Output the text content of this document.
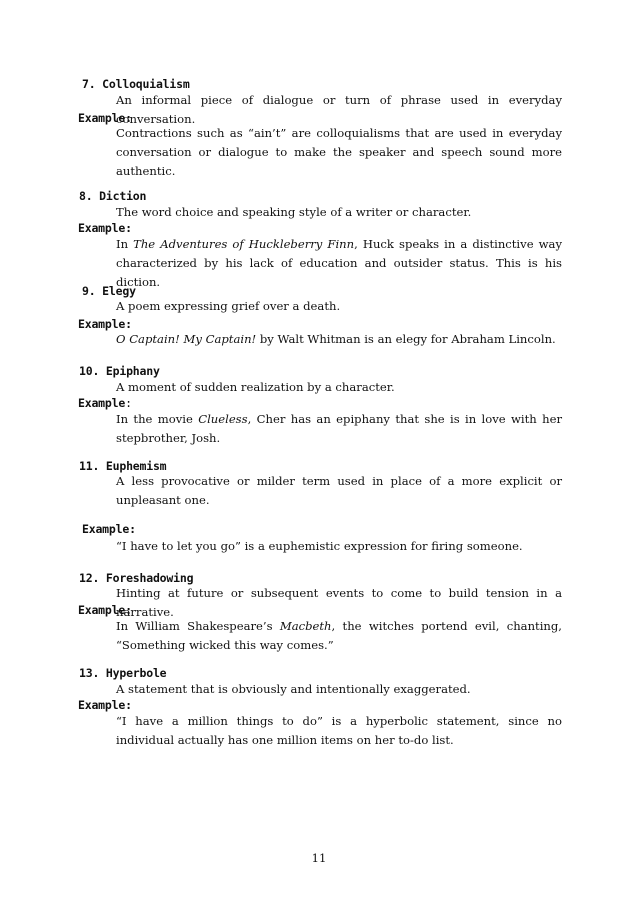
7. Colloquialism
An informal piece of dialogue or turn of phrase used in everyday conversation.
Example:
Contractions such as “ain’t” are colloquialisms that are used in everyday conversation or dialogue to make the speaker and speech sound more authentic.
8. Diction
The word choice and speaking style of a writer or character.
Example:
In The Adventures of Huckleberry Finn, Huck speaks in a distinctive way characterized by his lack of education and outsider status. This is his diction.
9. Elegy
A poem expressing grief over a death.
Example:
O Captain! My Captain! by Walt Whitman is an elegy for Abraham Lincoln.
10. Epiphany
A moment of sudden realization by a character.
Example:
In the movie Clueless, Cher has an epiphany that she is in love with her stepbrother, Josh.
11. Euphemism
A less provocative or milder term used in place of a more explicit or unpleasant one.
Example:
“I have to let you go” is a euphemistic expression for firing someone.
12. Foreshadowing
Hinting at future or subsequent events to come to build tension in a narrative.
Example:
In William Shakespeare’s Macbeth, the witches portend evil, chanting, “Something wicked this way comes.”
13. Hyperbole
A statement that is obviously and intentionally exaggerated.
Example:
“I have a million things to do” is a hyperbolic statement, since no individual actually has one million items on her to-do list.
11
